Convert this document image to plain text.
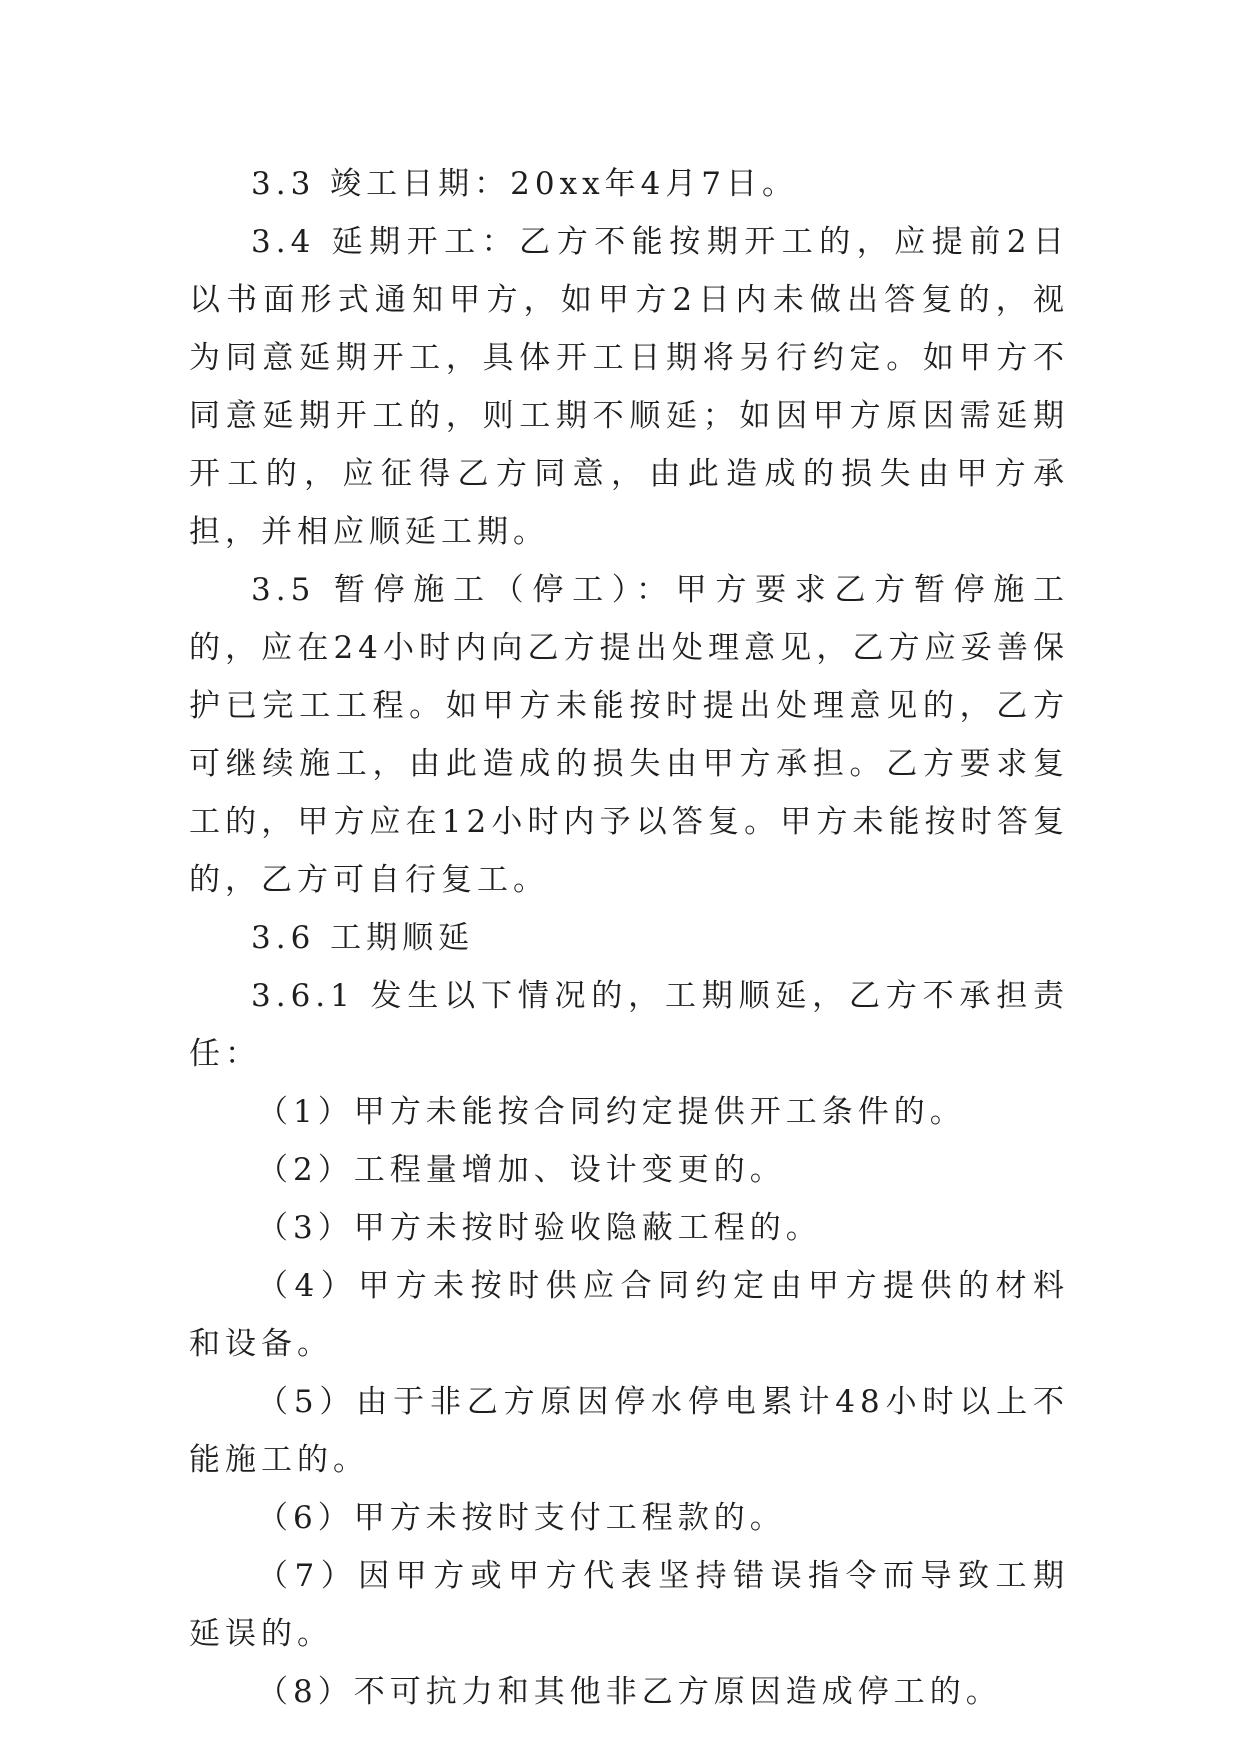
3.3 竣工日期：20xx年4月7日。

3.4 延期开工：乙方不能按期开工的，应提前2日以书面形式通知甲方，如甲方2日内未做出答复的，视为同意延期开工，具体开工日期将另行约定。如甲方不同意延期开工的，则工期不顺延；如因甲方原因需延期开工的，应征得乙方同意，由此造成的损失由甲方承担，并相应顺延工期。

3.5 暂停施工（停工）：甲方要求乙方暂停施工的，应在24小时内向乙方提出处理意见，乙方应妥善保护已完工工程。如甲方未能按时提出处理意见的，乙方可继续施工，由此造成的损失由甲方承担。乙方要求复工的，甲方应在12小时内予以答复。甲方未能按时答复的，乙方可自行复工。

3.6 工期顺延

3.6.1 发生以下情况的，工期顺延，乙方不承担责任：

（1）甲方未能按合同约定提供开工条件的。

（2）工程量增加、设计变更的。

（3）甲方未按时验收隐蔽工程的。

（4）甲方未按时供应合同约定由甲方提供的材料和设备。

（5）由于非乙方原因停水停电累计48小时以上不能施工的。

（6）甲方未按时支付工程款的。

（7）因甲方或甲方代表坚持错误指令而导致工期延误的。

（8）不可抗力和其他非乙方原因造成停工的。
